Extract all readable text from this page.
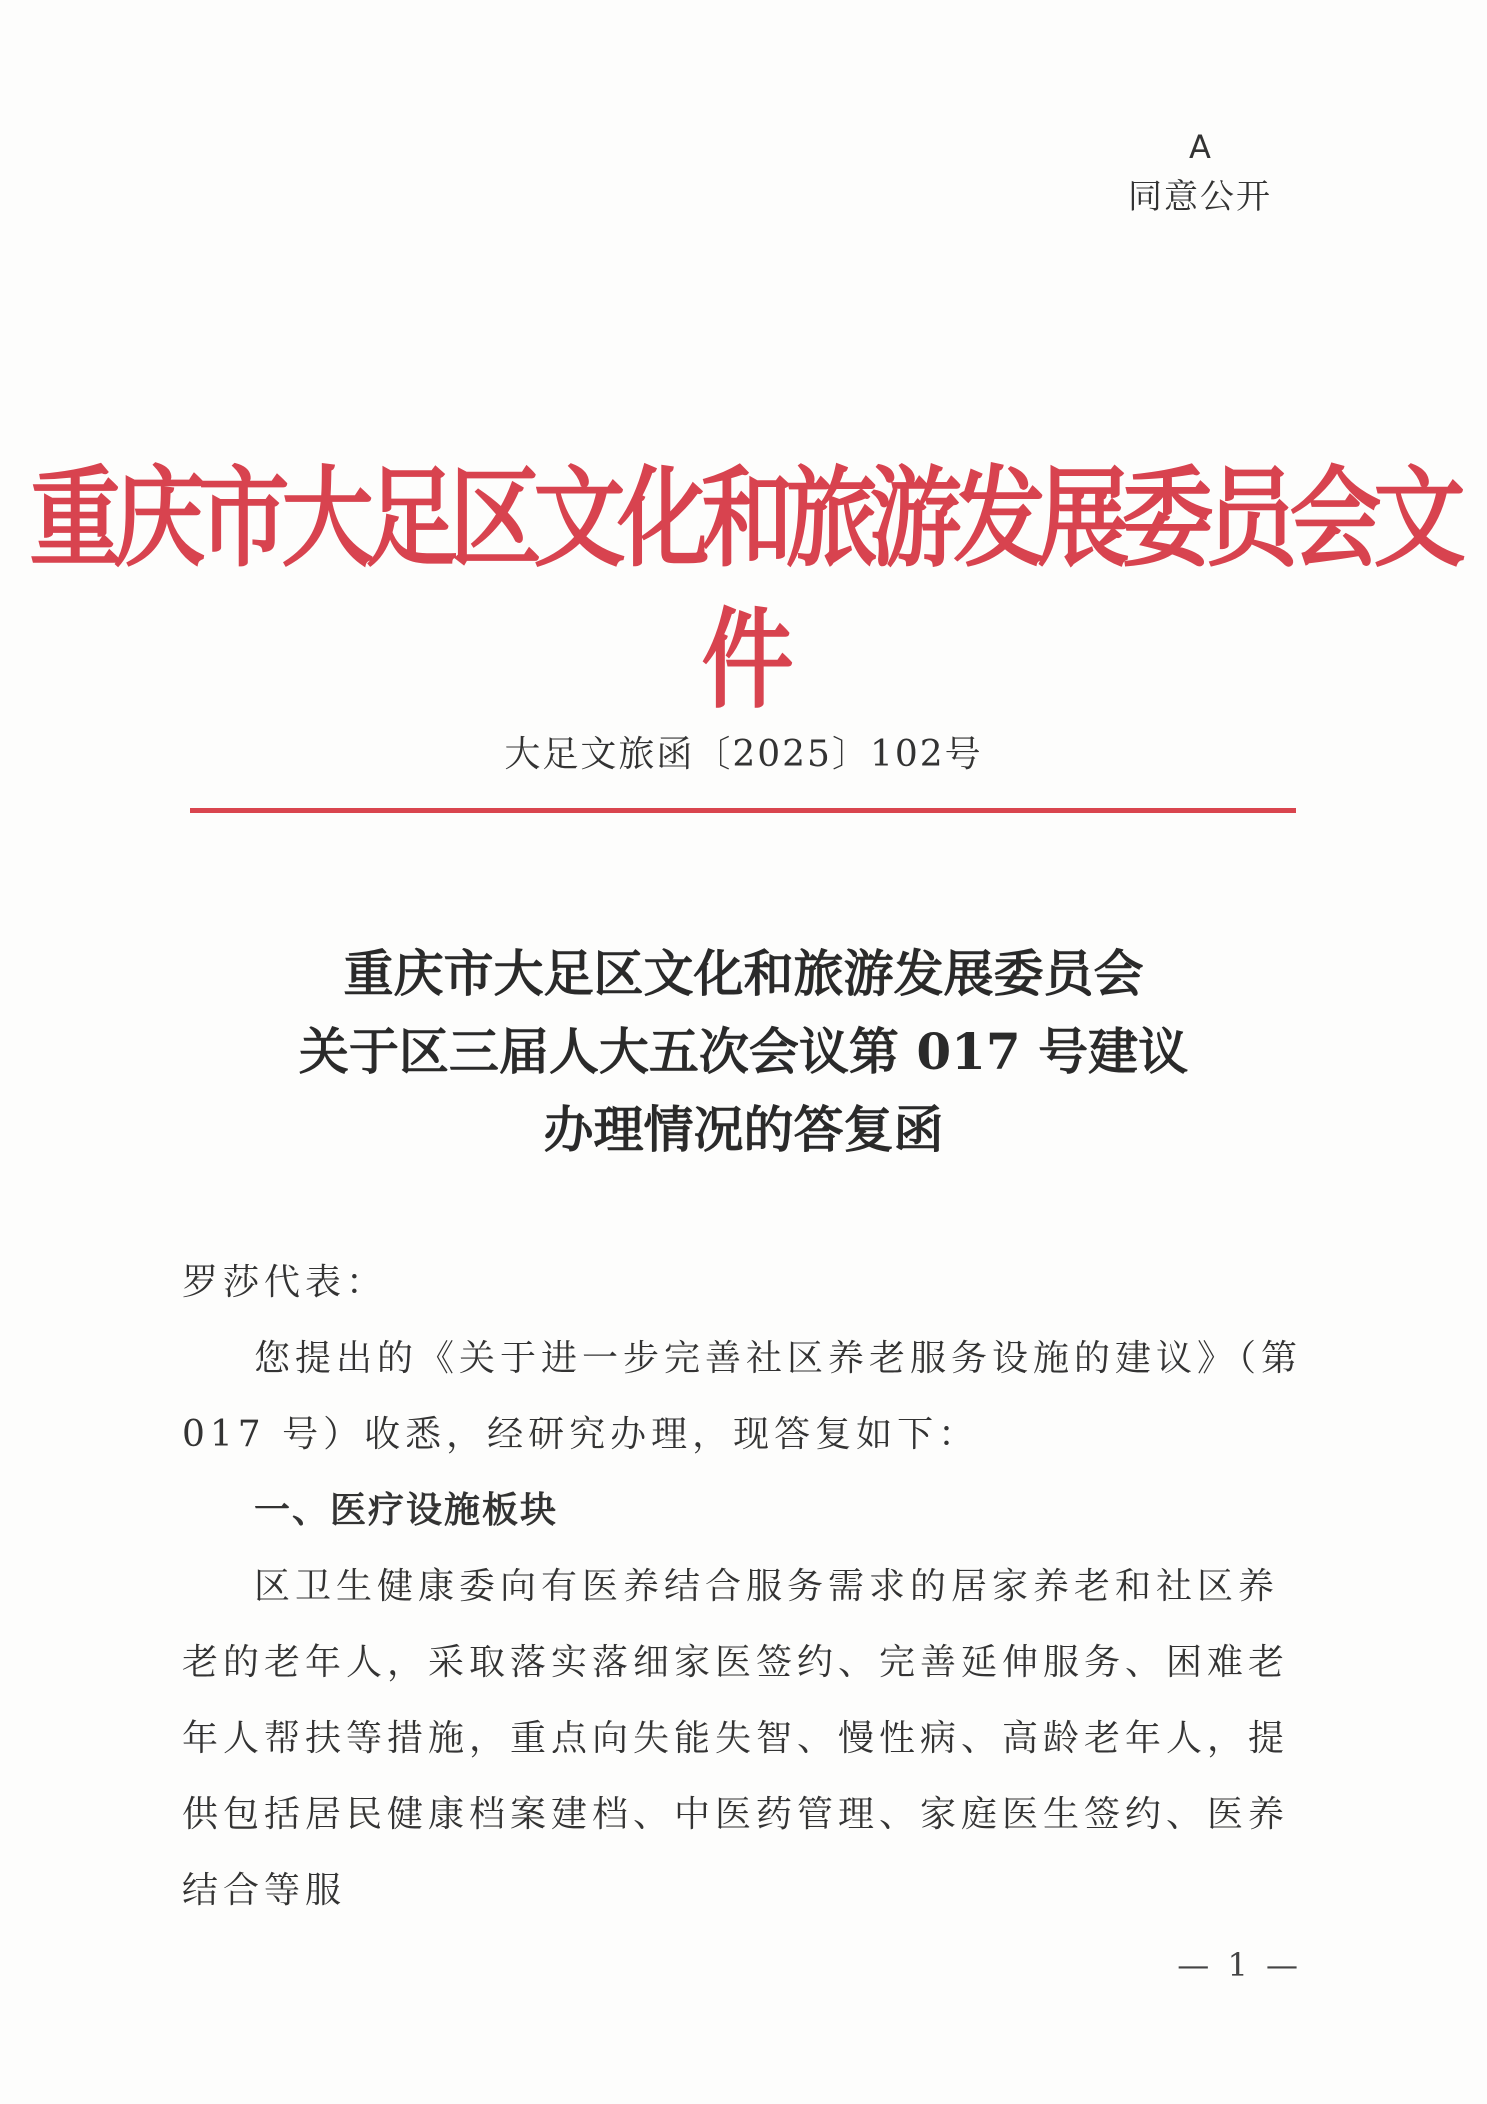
A
同意公开
重庆市大足区文化和旅游发展委员会文件
大足文旅函〔2025〕102号
重庆市大足区文化和旅游发展委员会
关于区三届人大五次会议第 017 号建议
办理情况的答复函

罗莎代表：

您提出的《关于进一步完善社区养老服务设施的建议》（第 017 号）收悉，经研究办理，现答复如下：

一、医疗设施板块

区卫生健康委向有医养结合服务需求的居家养老和社区养老的老年人，采取落实落细家医签约、完善延伸服务、困难老年人帮扶等措施，重点向失能失智、慢性病、高龄老年人，提供包括居民健康档案建档、中医药管理、家庭医生签约、医养结合等服

— 1 —
